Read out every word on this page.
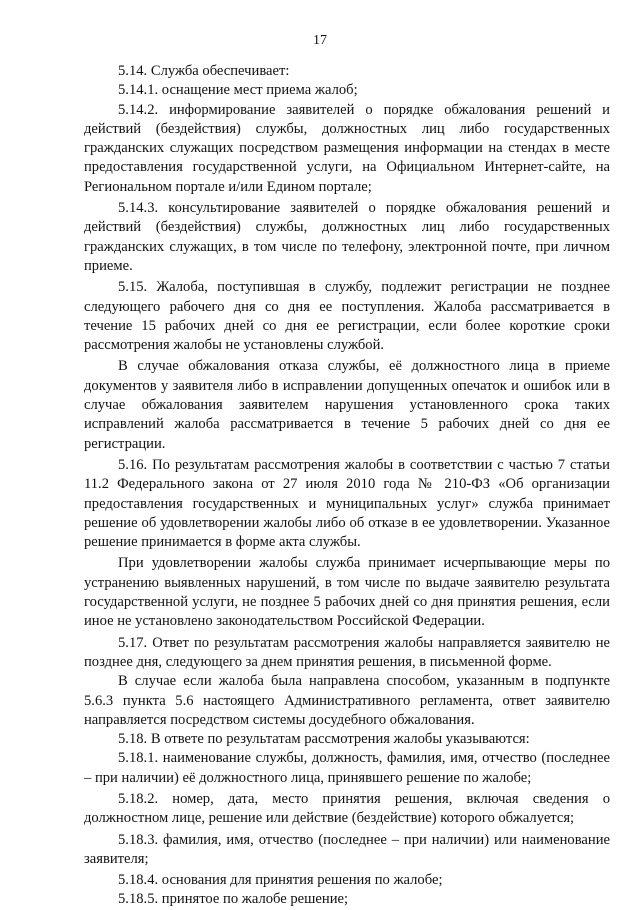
17

5.14. Служба обеспечивает:

5.14.1. оснащение мест приема жалоб;

5.14.2. информирование заявителей о порядке обжалования решений и действий (бездействия) службы, должностных лиц либо государственных гражданских служащих посредством размещения информации на стендах в месте предоставления государственной услуги, на Официальном Интернет-сайте, на Региональном портале и/или Едином портале;

5.14.3. консультирование заявителей о порядке обжалования решений и действий (бездействия) службы, должностных лиц либо государственных гражданских служащих, в том числе по телефону, электронной почте, при личном приеме.

5.15. Жалоба, поступившая в службу, подлежит регистрации не позднее следующего рабочего дня со дня ее поступления. Жалоба рассматривается в течение 15 рабочих дней со дня ее регистрации, если более короткие сроки рассмотрения жалобы не установлены службой.

В случае обжалования отказа службы, её должностного лица в приеме документов у заявителя либо в исправлении допущенных опечаток и ошибок или в случае обжалования заявителем нарушения установленного срока таких исправлений жалоба рассматривается в течение 5 рабочих дней со дня ее регистрации.

5.16. По результатам рассмотрения жалобы в соответствии с частью 7 статьи 11.2 Федерального закона от 27 июля 2010 года № 210-ФЗ «Об организации предоставления государственных и муниципальных услуг» служба принимает решение об удовлетворении жалобы либо об отказе в ее удовлетворении. Указанное решение принимается в форме акта службы.

При удовлетворении жалобы служба принимает исчерпывающие меры по устранению выявленных нарушений, в том числе по выдаче заявителю результата государственной услуги, не позднее 5 рабочих дней со дня принятия решения, если иное не установлено законодательством Российской Федерации.

5.17. Ответ по результатам рассмотрения жалобы направляется заявителю не позднее дня, следующего за днем принятия решения, в письменной форме.

В случае если жалоба была направлена способом, указанным в подпункте 5.6.3 пункта 5.6 настоящего Административного регламента, ответ заявителю направляется посредством системы досудебного обжалования.

5.18. В ответе по результатам рассмотрения жалобы указываются:

5.18.1. наименование службы, должность, фамилия, имя, отчество (последнее – при наличии) её должностного лица, принявшего решение по жалобе;

5.18.2. номер, дата, место принятия решения, включая сведения о должностном лице, решение или действие (бездействие) которого обжалуется;

5.18.3. фамилия, имя, отчество (последнее – при наличии) или наименование заявителя;

5.18.4. основания для принятия решения по жалобе;

5.18.5. принятое по жалобе решение;
